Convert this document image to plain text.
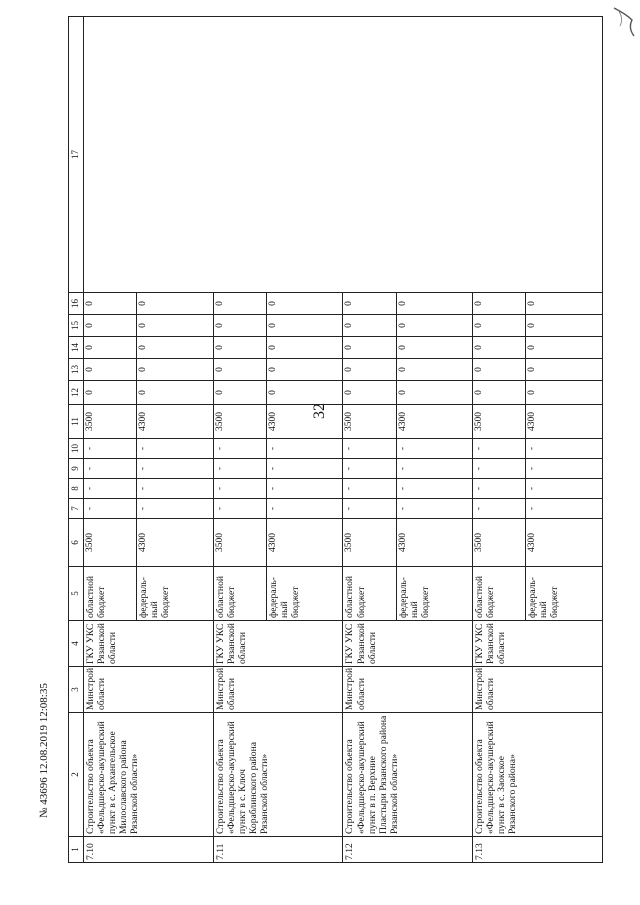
32
1	2	3	4	5	6	7	8	9	10	11	12	13	14	15	16	17
7.10	Строительство объекта «Фельдшерско-акушерский пункт в с. Архангельское Милославского района Рязанской области»	Минстрой области	ГКУ УКС Рязанской области	областной бюджет	3500	-	-	-	-	3500	0	0	0	0	0	
				федераль-ный бюджет	4300	-	-	-	-	4300	0	0	0	0	0	
7.11	Строительство объекта «Фельдшерско-акушерский пункт в с. Ключ Кораблинского района Рязанской области»	Минстрой области	ГКУ УКС Рязанской области	областной бюджет	3500	-	-	-	-	3500	0	0	0	0	0	
				федераль-ный бюджет	4300	-	-	-	-	4300	0	0	0	0	0	
7.12	Строительство объекта «Фельдшерско-акушерский пункт в п. Верхние Пластыри Рязанского района Рязанской области»	Минстрой области	ГКУ УКС Рязанской области	областной бюджет	3500	-	-	-	-	3500	0	0	0	0	0	
				федераль-ный бюджет	4300	-	-	-	-	4300	0	0	0	0	0	
7.13	Строительство объекта «Фельдшерско-акушерский пункт в с. Заокское Рязанского района»	Минстрой области	ГКУ УКС Рязанской области	областной бюджет	3500	-	-	-	-	3500	0	0	0	0	0	
				федераль-ный бюджет	4300	-	-	-	-	4300	0	0	0	0	0	
№ 43696 12.08.2019 12:08:35
